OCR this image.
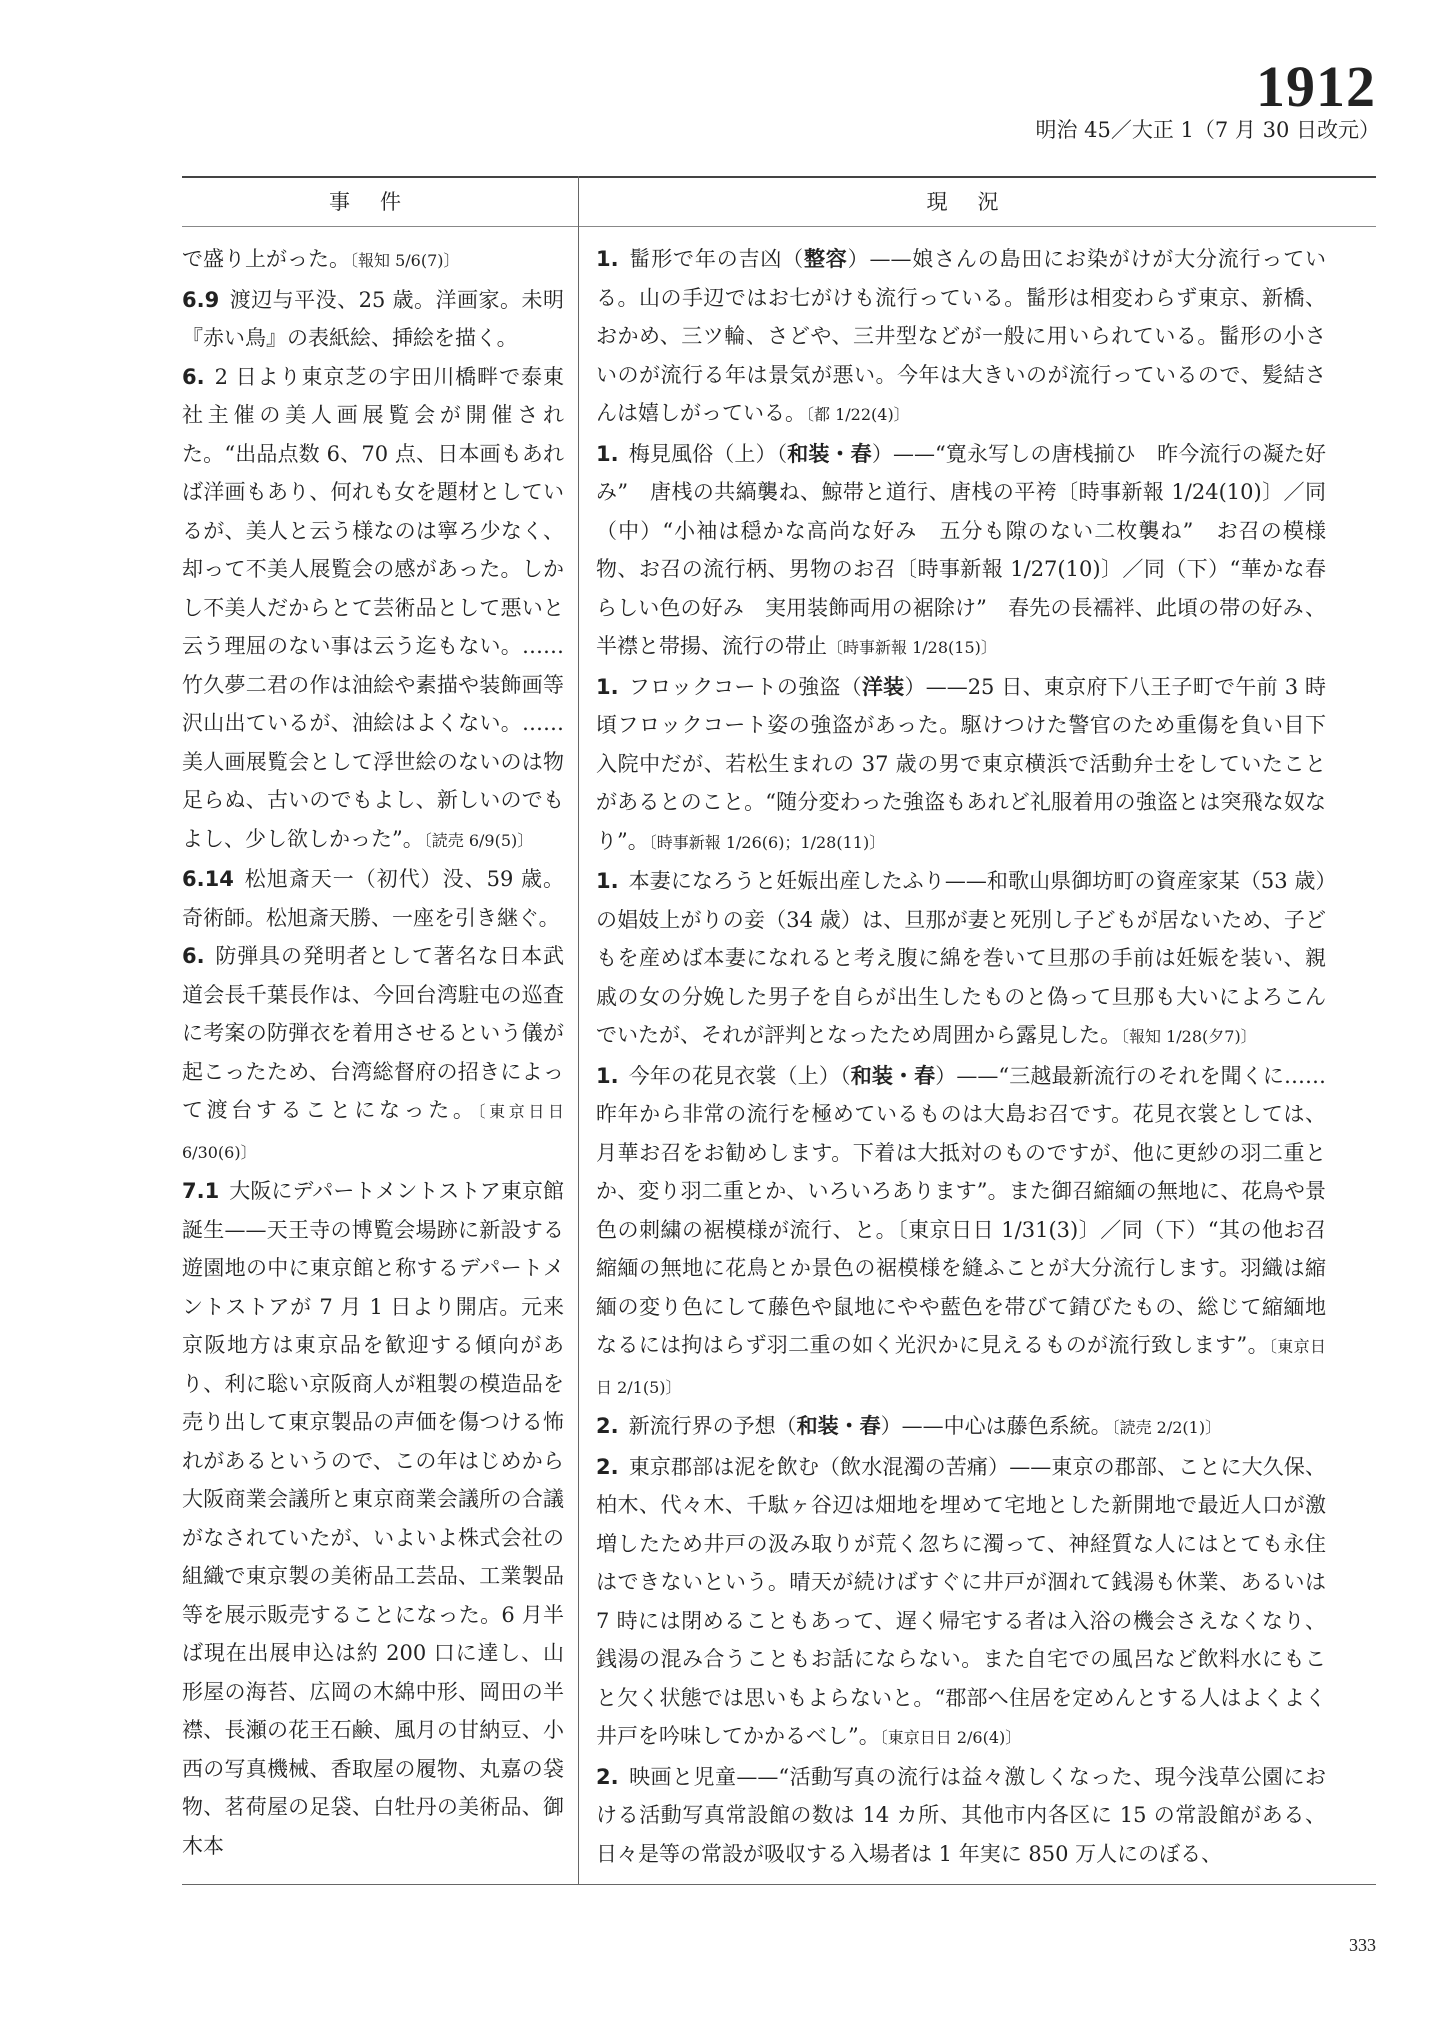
1912
明治 45／大正 1（7 月 30 日改元）
事件	現況

で盛り上がった。〔報知 5/6(7)〕

6.9 渡辺与平没、25 歳。洋画家。未明『赤い鳥』の表紙絵、挿絵を描く。

6. 2 日より東京芝の宇田川橋畔で泰東社主催の美人画展覧会が開催された。“出品点数 6、70 点、日本画もあれば洋画もあり、何れも女を題材としているが、美人と云う様なのは寧ろ少なく、却って不美人展覧会の感があった。しかし不美人だからとて芸術品として悪いと云う理屈のない事は云う迄もない。……竹久夢二君の作は油絵や素描や装飾画等沢山出ているが、油絵はよくない。……美人画展覧会として浮世絵のないのは物足らぬ、古いのでもよし、新しいのでもよし、少し欲しかった”。〔読売 6/9(5)〕

6.14 松旭斎天一（初代）没、59 歳。奇術師。松旭斎天勝、一座を引き継ぐ。

6. 防弾具の発明者として著名な日本武道会長千葉長作は、今回台湾駐屯の巡査に考案の防弾衣を着用させるという儀が起こったため、台湾総督府の招きによって渡台することになった。〔東京日日 6/30(6)〕

7.1 大阪にデパートメントストア東京館誕生——天王寺の博覧会場跡に新設する遊園地の中に東京館と称するデパートメントストアが 7 月 1 日より開店。元来京阪地方は東京品を歓迎する傾向があり、利に聡い京阪商人が粗製の模造品を売り出して東京製品の声価を傷つける怖れがあるというので、この年はじめから大阪商業会議所と東京商業会議所の合議がなされていたが、いよいよ株式会社の組織で東京製の美術品工芸品、工業製品等を展示販売することになった。6 月半ば現在出展申込は約 200 口に達し、山形屋の海苔、広岡の木綿中形、岡田の半襟、長瀬の花王石鹸、風月の甘納豆、小西の写真機械、香取屋の履物、丸嘉の袋物、茗荷屋の足袋、白牡丹の美術品、御木本

1. 髷形で年の吉凶（整容）——娘さんの島田にお染がけが大分流行っている。山の手辺ではお七がけも流行っている。髷形は相変わらず東京、新橋、おかめ、三ツ輪、さどや、三井型などが一般に用いられている。髷形の小さいのが流行る年は景気が悪い。今年は大きいのが流行っているので、髪結さんは嬉しがっている。〔都 1/22(4)〕

1. 梅見風俗（上）（和装・春）——“寛永写しの唐桟揃ひ　昨今流行の凝た好み”　唐桟の共縞襲ね、鯨帯と道行、唐桟の平袴〔時事新報 1/24(10)〕／同（中）“小袖は穏かな高尚な好み　五分も隙のない二枚襲ね”　お召の模様物、お召の流行柄、男物のお召〔時事新報 1/27(10)〕／同（下）“華かな春らしい色の好み　実用装飾両用の裾除け”　春先の長襦袢、此頃の帯の好み、半襟と帯揚、流行の帯止〔時事新報 1/28(15)〕

1. フロックコートの強盗（洋装）——25 日、東京府下八王子町で午前 3 時頃フロックコート姿の強盗があった。駆けつけた警官のため重傷を負い目下入院中だが、若松生まれの 37 歳の男で東京横浜で活動弁士をしていたことがあるとのこと。“随分変わった強盗もあれど礼服着用の強盗とは突飛な奴なり”。〔時事新報 1/26(6)；1/28(11)〕

1. 本妻になろうと妊娠出産したふり——和歌山県御坊町の資産家某（53 歳）の娼妓上がりの妾（34 歳）は、旦那が妻と死別し子どもが居ないため、子どもを産めば本妻になれると考え腹に綿を巻いて旦那の手前は妊娠を装い、親戚の女の分娩した男子を自らが出生したものと偽って旦那も大いによろこんでいたが、それが評判となったため周囲から露見した。〔報知 1/28(夕7)〕

1. 今年の花見衣裳（上）（和装・春）——“三越最新流行のそれを聞くに……昨年から非常の流行を極めているものは大島お召です。花見衣裳としては、月華お召をお勧めします。下着は大抵対のものですが、他に更紗の羽二重とか、変り羽二重とか、いろいろあります”。また御召縮緬の無地に、花鳥や景色の刺繍の裾模様が流行、と。〔東京日日 1/31(3)〕／同（下）“其の他お召縮緬の無地に花鳥とか景色の裾模様を縫ふことが大分流行します。羽織は縮緬の変り色にして藤色や鼠地にやや藍色を帯びて錆びたもの、総じて縮緬地なるには拘はらず羽二重の如く光沢かに見えるものが流行致します”。〔東京日日 2/1(5)〕

2. 新流行界の予想（和装・春）——中心は藤色系統。〔読売 2/2(1)〕

2. 東京郡部は泥を飲む（飲水混濁の苦痛）——東京の郡部、ことに大久保、柏木、代々木、千駄ヶ谷辺は畑地を埋めて宅地とした新開地で最近人口が激増したため井戸の汲み取りが荒く忽ちに濁って、神経質な人にはとても永住はできないという。晴天が続けばすぐに井戸が涸れて銭湯も休業、あるいは 7 時には閉めることもあって、遅く帰宅する者は入浴の機会さえなくなり、銭湯の混み合うこともお話にならない。また自宅での風呂など飲料水にもこと欠く状態では思いもよらないと。“郡部へ住居を定めんとする人はよくよく井戸を吟味してかかるべし”。〔東京日日 2/6(4)〕

2. 映画と児童——“活動写真の流行は益々激しくなった、現今浅草公園における活動写真常設館の数は 14 カ所、其他市内各区に 15 の常設館がある、日々是等の常設が吸収する入場者は 1 年実に 850 万人にのぼる、

333
